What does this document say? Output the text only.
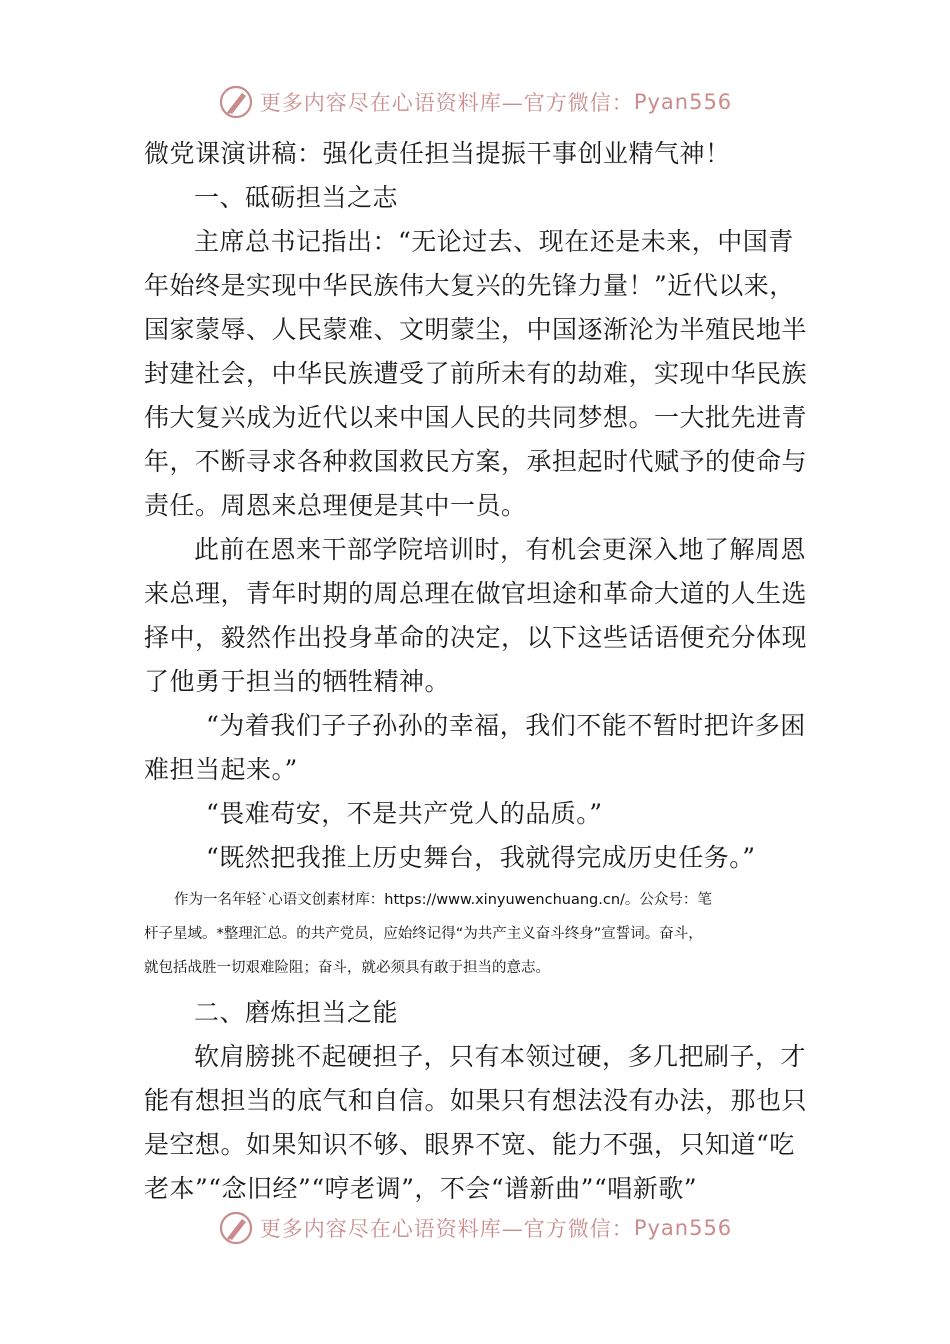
更多内容尽在心语资料库—官方微信： Pyan556
微党课演讲稿：强化责任担当提振干事创业精气神！
一、砥砺担当之志
主席总书记指出：“无论过去、现在还是未来，中国青
年始终是实现中华民族伟大复兴的先锋力量！”近代以来，
国家蒙辱、人民蒙难、文明蒙尘，中国逐渐沦为半殖民地半
封建社会，中华民族遭受了前所未有的劫难，实现中华民族
伟大复兴成为近代以来中国人民的共同梦想。一大批先进青
年，不断寻求各种救国救民方案，承担起时代赋予的使命与
责任。周恩来总理便是其中一员。
此前在恩来干部学院培训时，有机会更深入地了解周恩
来总理，青年时期的周总理在做官坦途和革命大道的人生选
择中，毅然作出投身革命的决定，以下这些话语便充分体现
了他勇于担当的牺牲精神。
“为着我们子子孙孙的幸福，我们不能不暂时把许多困
难担当起来。”
“畏难苟安，不是共产党人的品质。”
“既然把我推上历史舞台，我就得完成历史任务。”
作为一名年轻`心语文创素材库：https://www.xinyuwenchuang.cn/。公众号：笔
杆子星域。*整理汇总。的共产党员，应始终记得“为共产主义奋斗终身”宣誓词。奋斗，
就包括战胜一切艰难险阻；奋斗，就必须具有敢于担当的意志。
二、磨炼担当之能
软肩膀挑不起硬担子，只有本领过硬，多几把刷子，才
能有想担当的底气和自信。如果只有想法没有办法，那也只
是空想。如果知识不够、眼界不宽、能力不强，只知道“吃
老本”“念旧经”“哼老调”，不会“谱新曲”“唱新歌”
更多内容尽在心语资料库—官方微信： Pyan556
